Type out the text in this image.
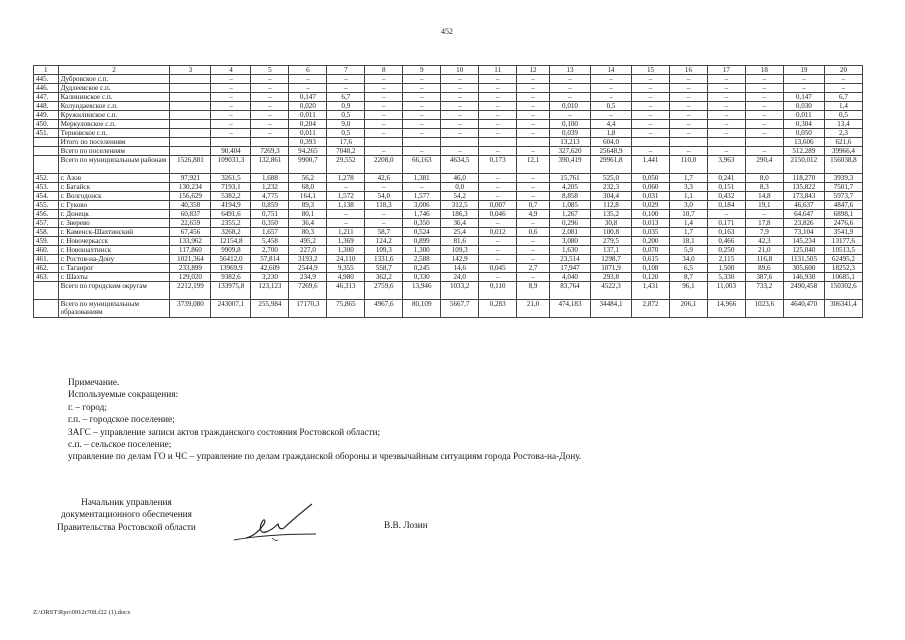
452
1	2	3	4	5	6	7	8	9	10	11	12	13	14	15	16	17	18	19	20
445.	Дубровское с.п.		–	–	–	–	–	–	–	–	–	–	–	–	–	–	–	–	–
446.	Дудлеевское с.п.		–	–	–	–	–	–	–	–	–	–	–	–	–	–	–	–	–
447.	Калининское с.п.		–	–	0,147	6,7	–	–	–	–	–	–	–	–	–	–	–	0,147	6,7
448.	Колундаевское с.п.		–	–	0,020	0,9	–	–	–	–	–	0,010	0,5	–	–	–	–	0,030	1,4
449.	Кружилинское с.п.		–	–	0,011	0,5	–	–	–	–	–	–	–	–	–	–	–	0,011	0,5
450.	Меркуловское с.п.		–	–	0,204	9,0	–	–	–	–	–	0,100	4,4	–	–	–	–	0,304	13,4
451.	Терновское с.п.		–	–	0,011	0,5	–	–	–	–	–	0,039	1,8	–	–	–	–	0,050	2,3
	Итого по поселениям				0,393	17,6						13,213	604,0					13,606	621,6
	Всего по поселениям		90,404	7269,3	94,265	7048,2	–	–	–	–	–	327,620	25648,9	–	–	–	–	512,289	39966,4
	Всего по муниципальным районам	1526,881	109031,3	132,861	9900,7	29,552	2208,0	66,163	4634,5	0,173	12,1	390,419	29961,8	1,441	110,0	3,963	290,4	2150,012	156038,8
452.	г. Азов	97,921	3261,5	1,688	56,2	1,278	42,6	1,381	46,0	–	–	15,761	525,0	0,050	1,7	0,241	8,0	118,270	3939,3
453.	г. Батайск	130,234	7193,1	1,232	68,0	–	–	–	0,0	–	–	4,205	232,3	0,060	3,3	0,151	8,3	135,822	7501,7
454.	г. Волгодонск	156,629	5382,2	4,775	164,1	1,572	54,0	1,577	54,2	–	–	8,858	304,4	0,031	1,1	0,432	14,8	173,843	5973,7
455.	г. Гуково	40,358	4194,9	0,859	89,3	1,138	118,3	3,006	312,5	0,007	0,7	1,085	112,8	0,029	3,0	0,184	19,1	46,637	4847,6
456.	г. Донецк	60,837	6491,6	0,751	80,1	–	–	1,746	186,3	0,046	4,9	1,267	135,2	0,100	10,7	–	–	64,647	6898,1
457.	г. Зверево	22,659	2355,2	0,350	36,4	–	–	0,350	36,4	–	–	0,296	30,8	0,013	1,4	0,171	17,8	23,826	2476,6
458.	г. Каменск-Шахтинский	67,456	3268,2	1,657	80,3	1,211	58,7	0,524	25,4	0,012	0,6	2,081	100,8	0,035	1,7	0,163	7,9	73,104	3541,9
459.	г. Новочеркасск	133,962	12154,8	5,458	495,2	1,369	124,2	0,899	81,6	–	–	3,080	279,5	0,200	18,1	0,466	42,3	145,234	13177,6
460.	г. Новошахтинск	117,860	9909,8	2,700	227,0	1,300	109,3	1,300	109,3	–	–	1,630	137,1	0,070	5,9	0,250	21,0	125,040	10513,5
461.	г. Ростов-на-Дону	1021,364	56412,0	57,814	3193,2	24,110	1331,6	2,588	142,9	–	–	23,514	1298,7	0,615	34,0	2,115	116,8	1131,505	62495,2
462.	г. Таганрог	233,899	13969,9	42,609	2544,9	9,355	558,7	0,245	14,6	0,045	2,7	17,947	1071,9	0,108	6,5	1,500	89,6	305,600	18252,3
463.	г. Шахты	129,020	9382,6	3,230	234,9	4,980	362,2	0,330	24,0	–	–	4,040	293,8	0,120	8,7	5,330	387,6	146,930	10685,1
	Всего по городским округам	2212,199	133975,8	123,123	7269,6	46,313	2759,6	13,946	1033,2	0,110	8,9	83,764	4522,3	1,431	96,1	11,003	733,2	2490,458	150302,6
	Всего по муниципальным образованиям	3739,080	243007,1	255,984	17170,3	75,865	4967,6	80,109	5667,7	0,283	21,0	474,183	34484,1	2,872	206,1	14,966	1023,6	4640,470	306341,4
Примечание.
Используемые сокращения:
г. – город;
г.п. – городское поселение;
ЗАГС – управление записи актов гражданского состояния Ростовской области;
с.п. – сельское поселение;
управление по делам ГО и ЧС – управление по делам гражданской обороны и чрезвычайным ситуациям города Ростова-на-Дону.
Начальник управления
документационного обеспечения
Правительства Ростовской области	В.В. Лозин
Z:\ORST\Rpo\0912r708.f22 (1).docx
